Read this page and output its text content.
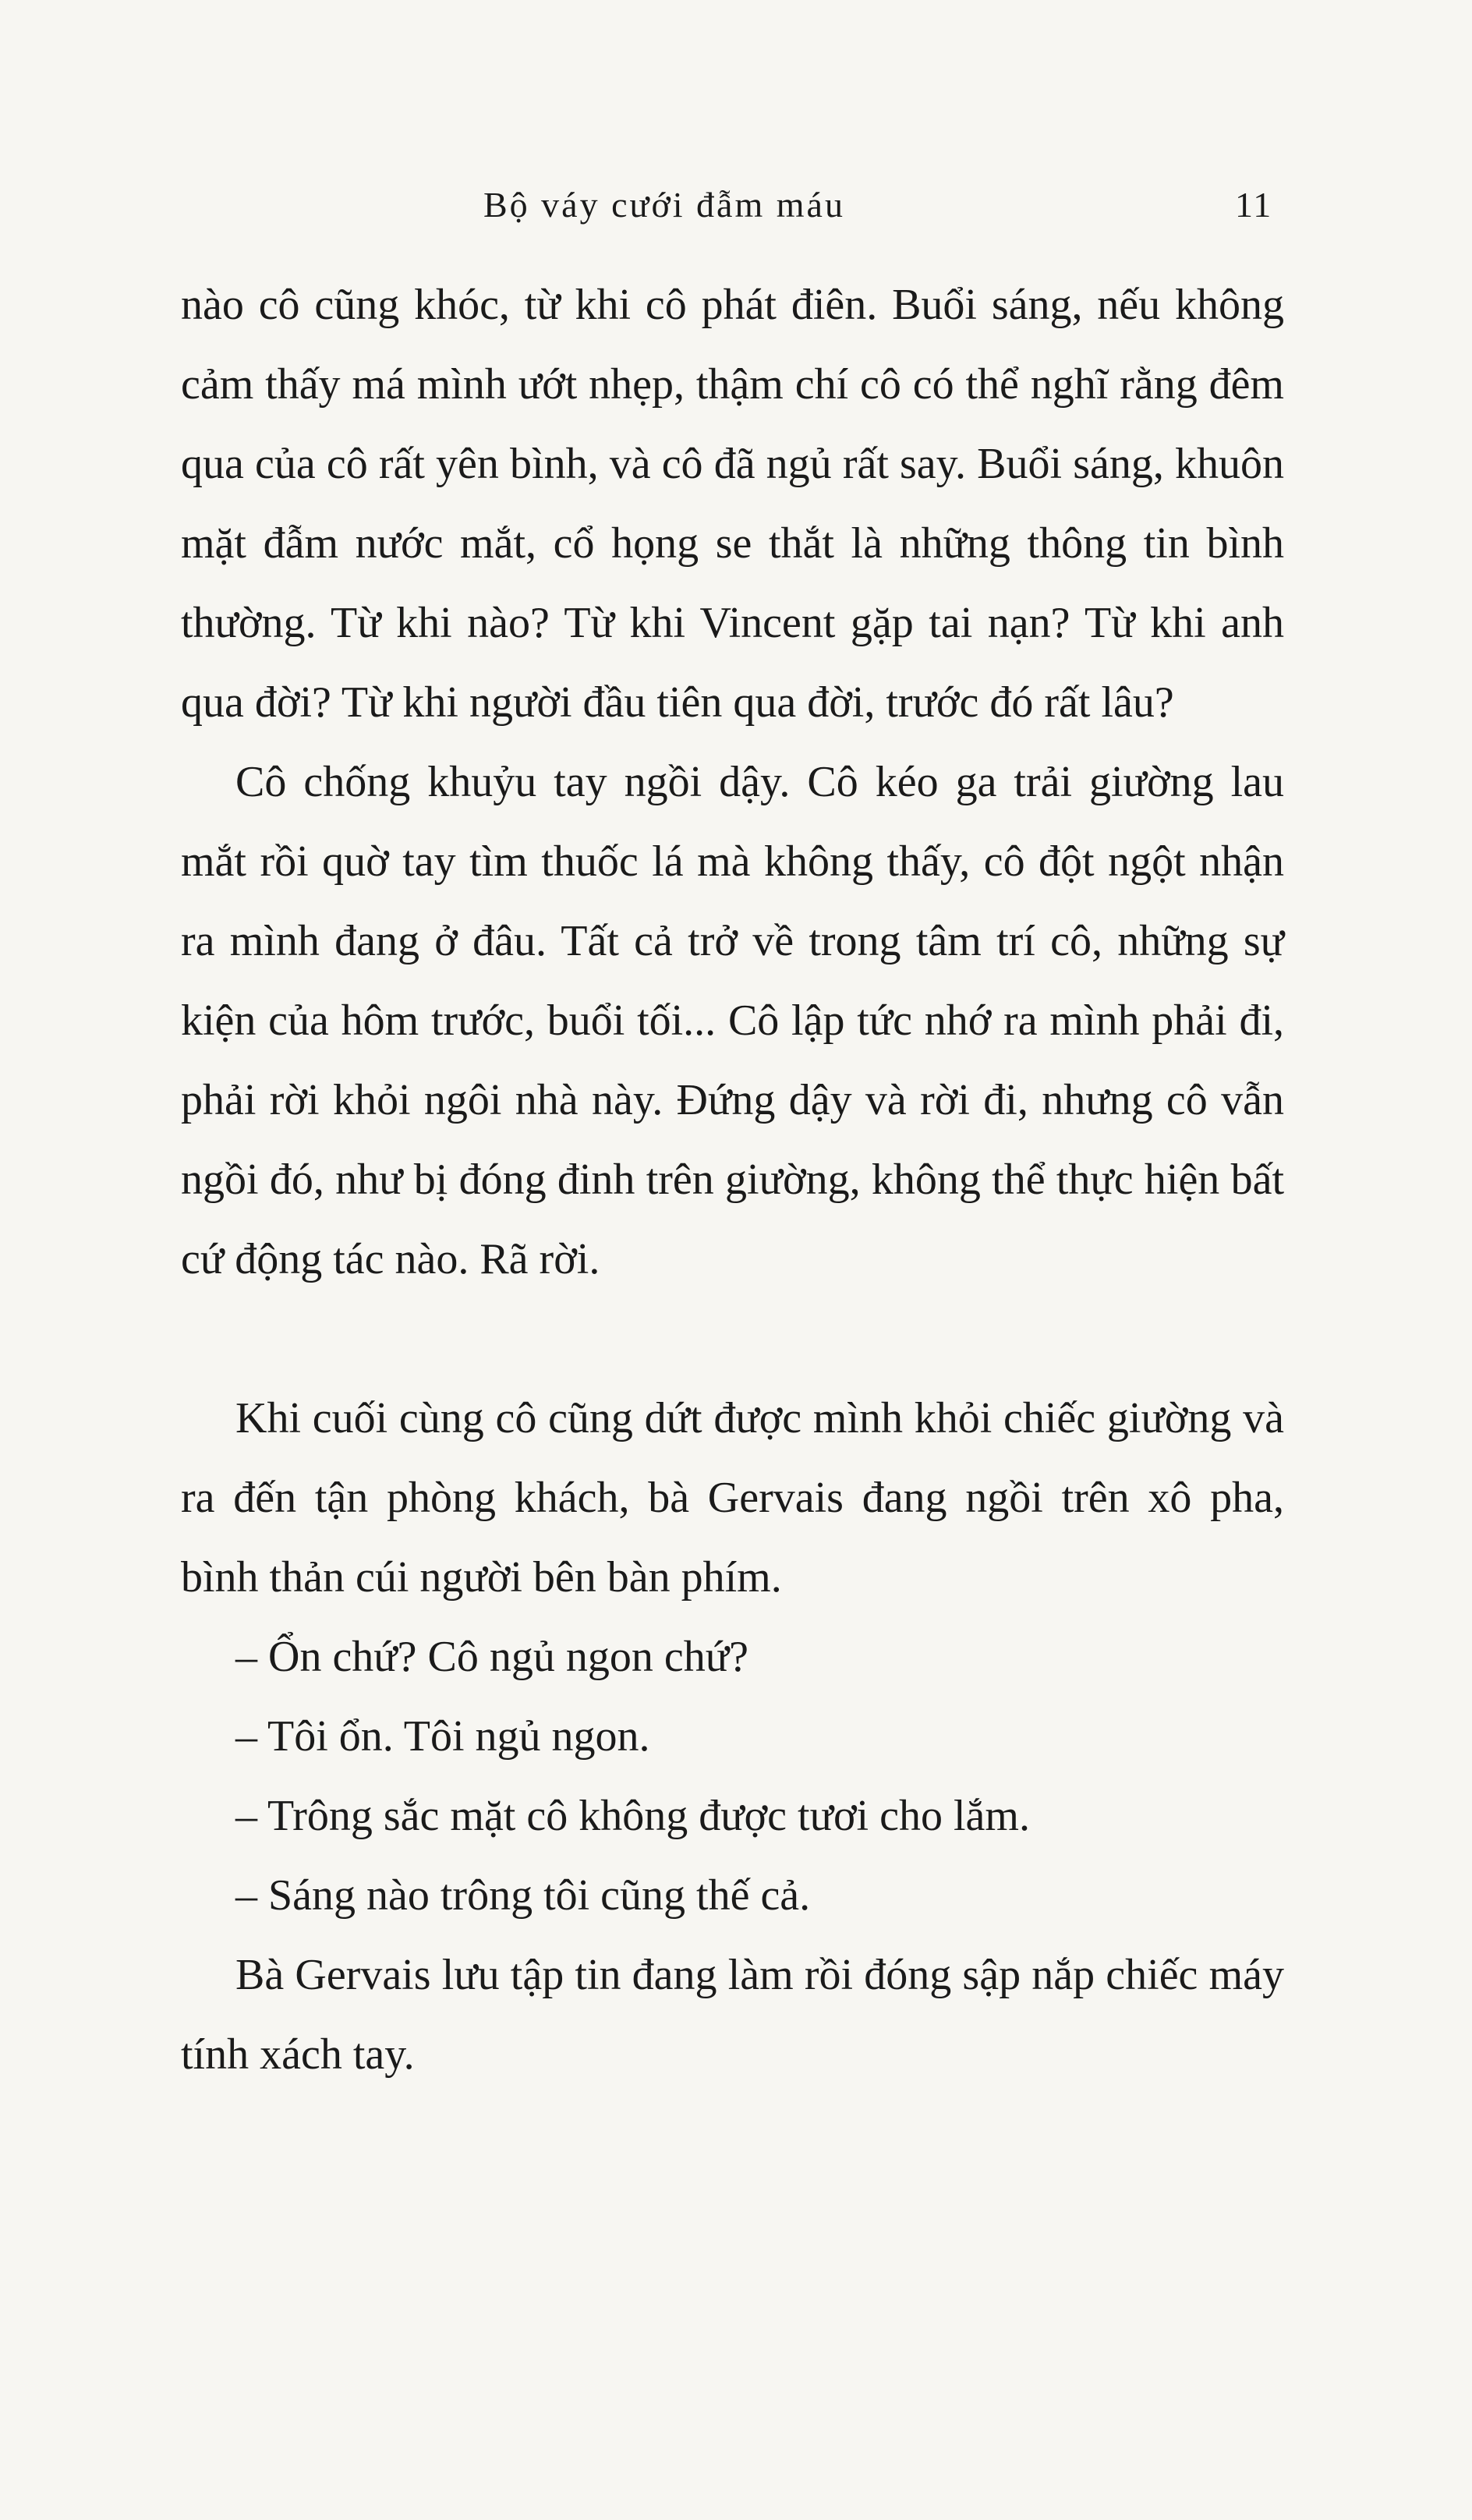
Bộ váy cưới đẫm máu	11

nào cô cũng khóc, từ khi cô phát điên. Buổi sáng, nếu không cảm thấy má mình ướt nhẹp, thậm chí cô có thể nghĩ rằng đêm qua của cô rất yên bình, và cô đã ngủ rất say. Buổi sáng, khuôn mặt đẫm nước mắt, cổ họng se thắt là những thông tin bình thường. Từ khi nào? Từ khi Vincent gặp tai nạn? Từ khi anh qua đời? Từ khi người đầu tiên qua đời, trước đó rất lâu?

Cô chống khuỷu tay ngồi dậy. Cô kéo ga trải giường lau mắt rồi quờ tay tìm thuốc lá mà không thấy, cô đột ngột nhận ra mình đang ở đâu. Tất cả trở về trong tâm trí cô, những sự kiện của hôm trước, buổi tối... Cô lập tức nhớ ra mình phải đi, phải rời khỏi ngôi nhà này. Đứng dậy và rời đi, nhưng cô vẫn ngồi đó, như bị đóng đinh trên giường, không thể thực hiện bất cứ động tác nào. Rã rời.

Khi cuối cùng cô cũng dứt được mình khỏi chiếc giường và ra đến tận phòng khách, bà Gervais đang ngồi trên xô pha, bình thản cúi người bên bàn phím.

– Ổn chứ? Cô ngủ ngon chứ?

– Tôi ổn. Tôi ngủ ngon.

– Trông sắc mặt cô không được tươi cho lắm.

– Sáng nào trông tôi cũng thế cả.

Bà Gervais lưu tập tin đang làm rồi đóng sập nắp chiếc máy tính xách tay.
